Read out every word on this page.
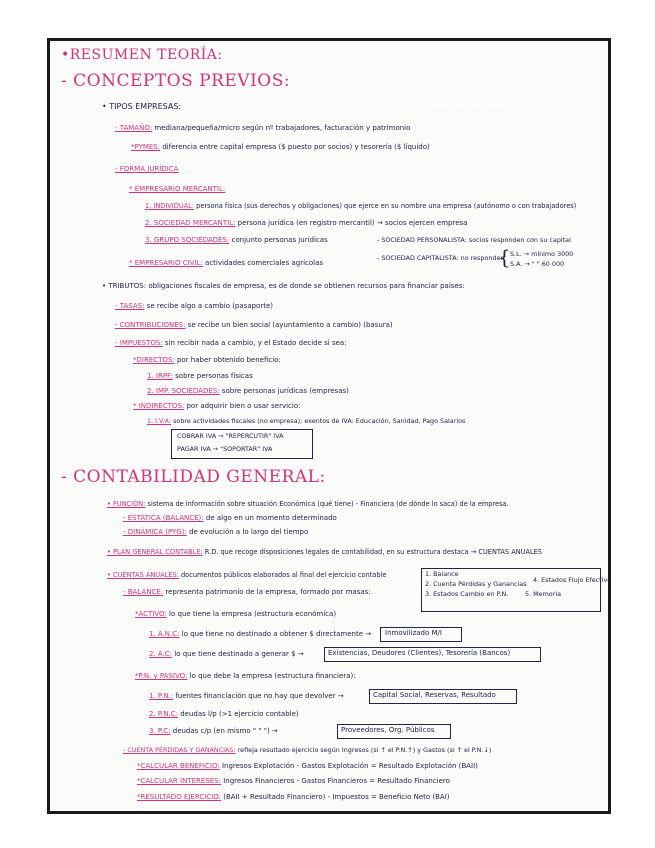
~~~~~~~~~~~~~~~~~~
•RESUMEN TEORÍA:
- CONCEPTOS PREVIOS:
• TIPOS EMPRESAS:
- TAMAÑO: mediana/pequeña/micro según nº trabajadores, facturación y patrimonio
*PYMES: diferencia entre capital empresa ($ puesto por socios) y tesorería ($ líquido)
- FORMA JURÍDICA
* EMPRESARIO MERCANTIL:
1. INDIVIDUAL: persona física (sus derechos y obligaciones) que ejerce en su nombre una empresa (autónomo o con trabajadores)
2. SOCIEDAD MERCANTIL: persona jurídica (en registro mercantil) → socios ejercen empresa
3. GRUPO SOCIEDADES: conjunto personas jurídicas	- SOCIEDAD PERSONALISTA: socios responden con su capital
- SOCIEDAD CAPITALISTA: no responden
{ S.L. → mínimo 3000
S.A. → " " 60 000
* EMPRESARIO CIVIL: actividades comerciales agrícolas
• TRIBUTOS: obligaciones fiscales de empresa, es de donde se obtienen recursos para financiar países:
- TASAS: se recibe algo a cambio (pasaporte)
- CONTRIBUCIONES: se recibe un bien social (ayuntamiento a cambio) (basura)
- IMPUESTOS: sin recibir nada a cambio, y el Estado decide si sea:
*DIRECTOS: por haber obtenido beneficio:
1. IRPF: sobre personas físicas
2. IMP. SOCIEDADES: sobre personas jurídicas (empresas)
* INDIRECTOS: por adquirir bien o usar servicio:
1. I.V.A: sobre actividades fiscales (no empresa); exentos de IVA: Educación, Sanidad, Pago Salarios
COBRAR IVA → "REPERCUTIR" IVA
PAGAR IVA → "SOPORTAR" IVA
- CONTABILIDAD GENERAL:
• FUNCIÓN: sistema de información sobre situación Económica (qué tiene) - Financiera (de dónde lo saca) de la empresa.
- ESTÁTICA (BALANCE): de algo en un momento determinado
- DINÁMICA (PYG): de evolución a lo largo del tiempo
• PLAN GENERAL CONTABLE: R.D. que recoge disposiciones legales de contabilidad, en su estructura destaca → CUENTAS ANUALES
• CUENTAS ANUALES: documentos públicos elaborados al final del ejercicio contable	1. Balance
2. Cuenta Pérdidas y Ganancias
3. Estados Cambio en P.N.
4. Estados Flujo Efectivo
5. Memoria
- BALANCE: representa patrimonio de la empresa, formado por masas:
*ACTIVO: lo que tiene la empresa (estructura económica)
1. A.N.C: lo que tiene no destinado a obtener $ directamente → Inmovilizado M/I
2. A.C: lo que tiene destinado a generar $ →	Existencias, Deudores (Clientes), Tesorería (Bancos)
*P.N. y PASIVO: lo que debe la empresa (estructura financiera):
1. P.N.: fuentes financiación que no hay que devolver →	Capital Social, Reservas, Resultado
2. P.N.C: deudas l/p (>1 ejercicio contable)
3. P.C: deudas c/p (en mismo " " ") →	Proveedores, Org. Públicos
- CUENTA PÉRDIDAS Y GANANCIAS: refleja resultado ejercicio según Ingresos (si ↑ el P.N.↑) y Gastos (si ↑ el P.N.↓)
*CALCULAR BENEFICIO: Ingresos Explotación - Gastos Explotación = Resultado Explotación (BAII)
*CALCULAR INTERESES: Ingresos Financieros - Gastos Financieros = Resultado Financiero
*RESULTADO EJERCICIO: (BAII + Resultado Financiero) - Impuestos = Beneficio Neto (BAI)
